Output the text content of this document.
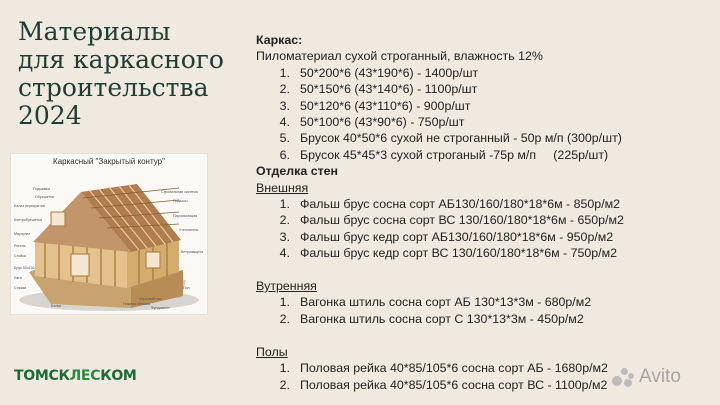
Материалы
для каркасного
строительства
2024
Каркасный "Закрытый контур"
Подшивка
Обрешетка
Стропильная система
Подкосы
Балка перекрытия
Контробрешетка
Пароизоляция
Мауэрлат
Утеплитель
Ригель
Стойка
Ветрозащита
Брус 50х150
Лага
Черновой пол
Нижняя обвязка
Стяжки	Пол
Балки	Фундамент
ТОМСКЛЕСКОМ
Каркас:
Пиломатериал сухой строганный, влажность 12%
1. 50*200*6 (43*190*6) - 1400р/шт
2. 50*150*6 (43*140*6) - 1100р/шт
3. 50*120*6 (43*110*6) - 900р/шт
4. 50*100*6 (43*90*6) - 750р/шт
5. Брусок 40*50*6 сухой не строганный - 50р м/п (300р/шт)
6. Брусок 45*45*3 сухой строганый -75р м/п     (225р/шт)
Отделка стен
Внешняя
1. Фальш брус сосна сорт АБ130/160/180*18*6м - 850р/м2
2. Фальш брус сосна сорт ВС 130/160/180*18*6м - 650р/м2
3. Фальш брус кедр сорт АБ130/160/180*18*6м - 950р/м2
4. Фальш брус кедр сорт ВС 130/160/180*18*6м - 750р/м2
Вутренняя
1. Вагонка штиль сосна сорт АБ 130*13*3м - 680р/м2
2. Вагонка штиль сосна сорт С 130*13*3м - 450р/м2
Полы
1. Половая рейка 40*85/105*6 сосна сорт АБ - 1680р/м2
2. Половая рейка 40*85/105*6 сосна сорт ВС - 1100р/м2 Avito
